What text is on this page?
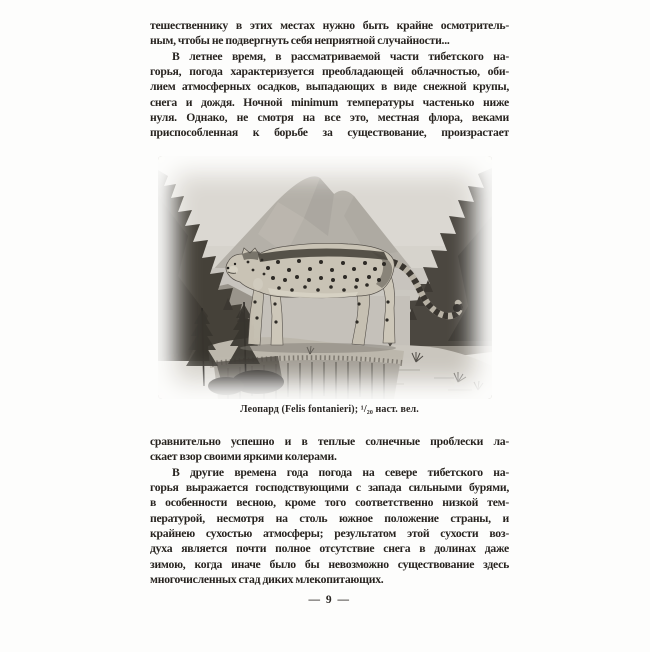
тешественнику в этих местах нужно быть крайне осмотритель-
ным, чтобы не подвергнуть себя неприятной случайности...
В летнее время, в рассматриваемой части тибетского на-
горья, погода характеризуется преобладающей облачностью, оби-
лием атмосферных осадков, выпадающих в виде снежной крупы,
снега и дождя. Ночной minimum температуры частенько ниже
нуля. Однако, не смотря на все это, местная флора, веками
приспособленная к борьбе за существование, произрастает
Леопард (Felis fontanieri); ¹/₂₀ наст. вел.
сравнительно успешно и в теплые солнечные проблески ла-
скает взор своими яркими колерами.
В другие времена года погода на севере тибетского на-
горья выражается господствующими с запада сильными бурями,
в особенности весною, кроме того соответственно низкой тем-
пературой, несмотря на столь южное положение страны, и
крайнею сухостью атмосферы; результатом этой сухости воз-
духа является почти полное отсутствие снега в долинах даже
зимою, когда иначе было бы невозможно существование здесь
многочисленных стад диких млекопитающих.
— 9 —
